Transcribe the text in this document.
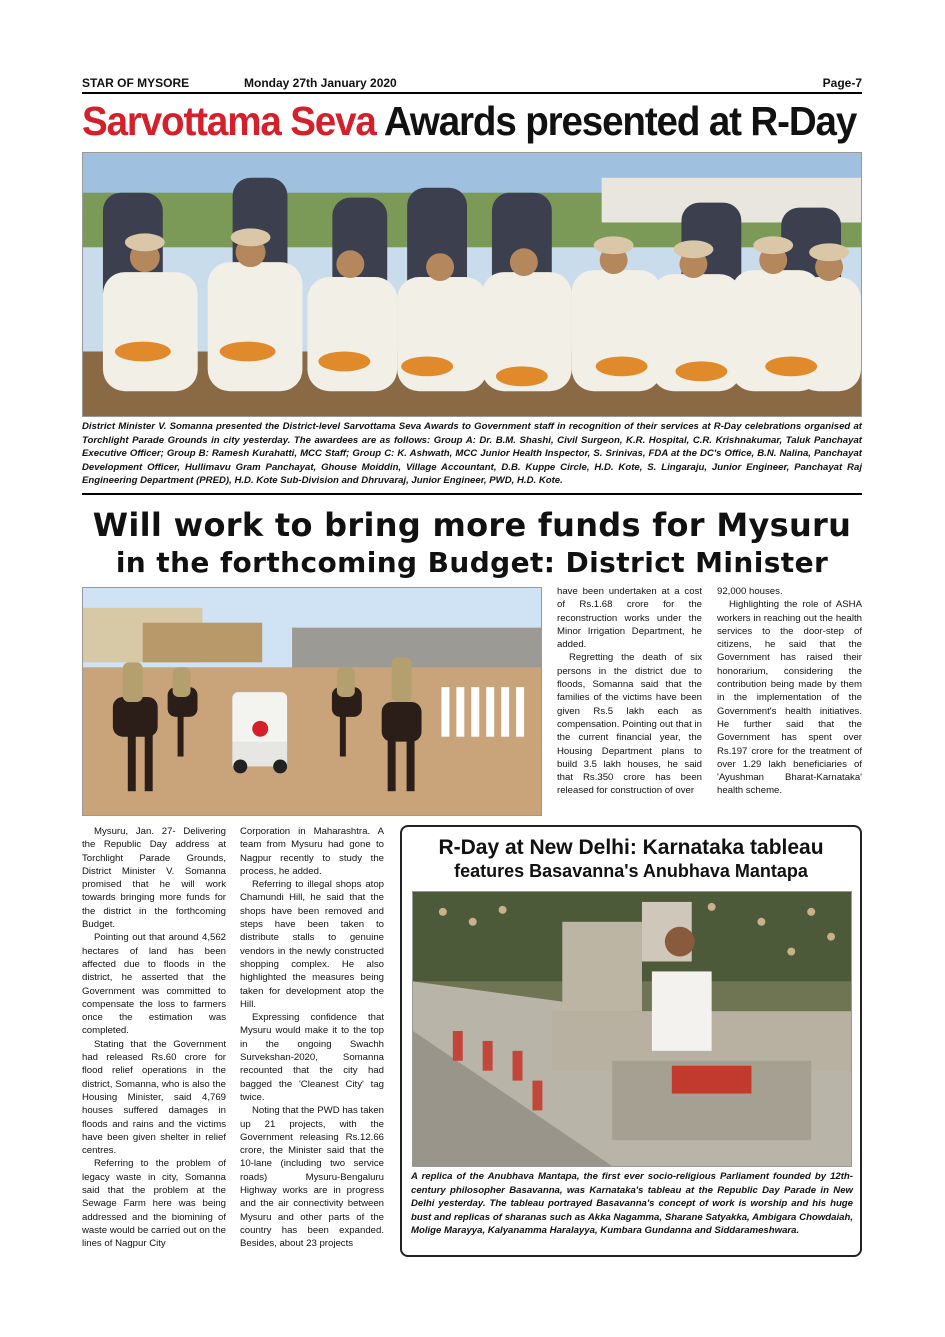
STAR OF MYSORE	Monday 27th January 2020	Page-7
Sarvottama Seva Awards presented at R-Day
District Minister V. Somanna presented the District-level Sarvottama Seva Awards to Government staff in recognition of their services at R-Day celebrations organised at Torchlight Parade Grounds in city yesterday. The awardees are as follows: Group A: Dr. B.M. Shashi, Civil Surgeon, K.R. Hospital, C.R. Krishnakumar, Taluk Panchayat Executive Officer; Group B: Ramesh Kurahatti, MCC Staff; Group C: K. Ashwath, MCC Junior Health Inspector, S. Srinivas, FDA at the DC's Office, B.N. Nalina, Panchayat Development Officer, Hullimavu Gram Panchayat, Ghouse Moiddin, Village Accountant, D.B. Kuppe Circle, H.D. Kote, S. Lingaraju, Junior Engineer, Panchayat Raj Engineering Department (PRED), H.D. Kote Sub-Division and Dhruvaraj, Junior Engineer, PWD, H.D. Kote.
Will work to bring more funds for Mysuru
in the forthcoming Budget: District Minister

have been undertaken at a cost of Rs.1.68 crore for the reconstruction works under the Minor Irrigation Department, he added.

Regretting the death of six persons in the district due to floods, Somanna said that the families of the victims have been given Rs.5 lakh each as compensation. Pointing out that in the current financial year, the Housing Department plans to build 3.5 lakh houses, he said that Rs.350 crore has been released for construction of over

92,000 houses.

Highlighting the role of ASHA workers in reaching out the health services to the door-step of citizens, he said that the Government has raised their honorarium, considering the contribution being made by them in the implementation of the Government's health initiatives. He further said that the Government has spent over Rs.197 crore for the treatment of over 1.29 lakh beneficiaries of 'Ayushman Bharat-Karnataka' health scheme.

Mysuru, Jan. 27- Delivering the Republic Day address at Torchlight Parade Grounds, District Minister V. Somanna promised that he will work towards bringing more funds for the district in the forthcoming Budget.

Pointing out that around 4,562 hectares of land has been affected due to floods in the district, he asserted that the Government was committed to compensate the loss to farmers once the estimation was completed.

Stating that the Government had released Rs.60 crore for flood relief operations in the district, Somanna, who is also the Housing Minister, said 4,769 houses suffered damages in floods and rains and the victims have been given shelter in relief centres.

Referring to the problem of legacy waste in city, Somanna said that the problem at the Sewage Farm here was being addressed and the biomining of waste would be carried out on the lines of Nagpur City

Corporation in Maharashtra. A team from Mysuru had gone to Nagpur recently to study the process, he added.

Referring to illegal shops atop Chamundi Hill, he said that the shops have been removed and steps have been taken to distribute stalls to genuine vendors in the newly constructed shopping complex. He also highlighted the measures being taken for development atop the Hill.

Expressing confidence that Mysuru would make it to the top in the ongoing Swachh Survekshan-2020, Somanna recounted that the city had bagged the 'Cleanest City' tag twice.

Noting that the PWD has taken up 21 projects, with the Government releasing Rs.12.66 crore, the Minister said that the 10-lane (including two service roads) Mysuru-Bengaluru Highway works are in progress and the air connectivity between Mysuru and other parts of the country has been expanded. Besides, about 23 projects

R-Day at New Delhi: Karnataka tableau
features Basavanna's Anubhava Mantapa
A replica of the Anubhava Mantapa, the first ever socio-religious Parliament founded by 12th-century philosopher Basavanna, was Karnataka's tableau at the Republic Day Parade in New Delhi yesterday. The tableau portrayed Basavanna's concept of work is worship and his huge bust and replicas of sharanas such as Akka Nagamma, Sharane Satyakka, Ambigara Chowdaiah, Molige Marayya, Kalyanamma Haralayya, Kumbara Gundanna and Siddarameshwara.
